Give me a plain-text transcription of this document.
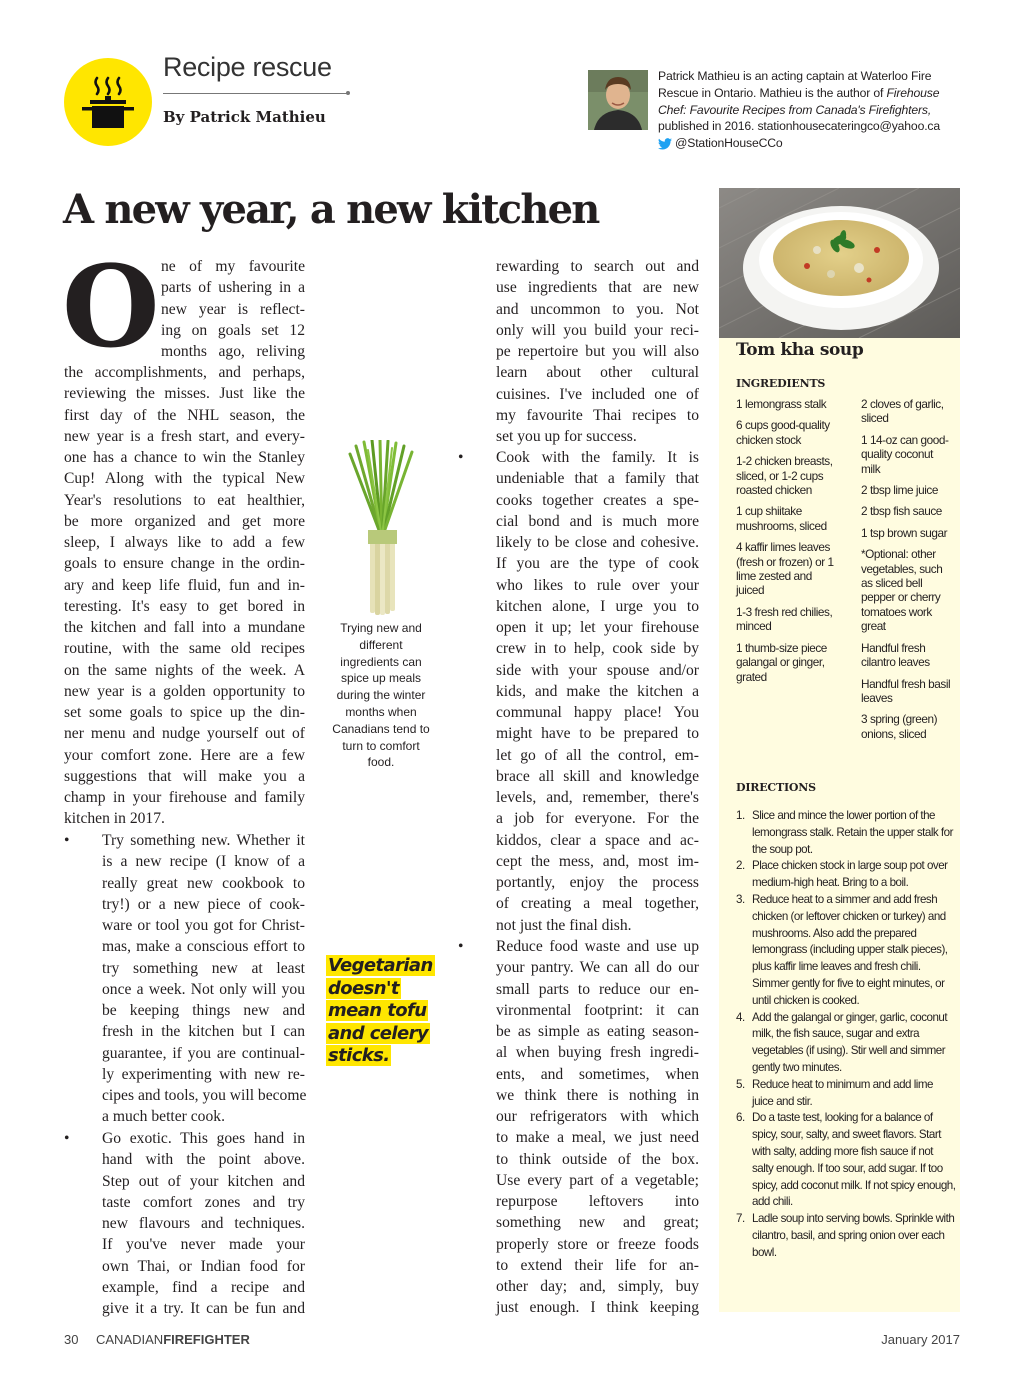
Recipe rescue
By Patrick Mathieu
Patrick Mathieu is an acting captain at Waterloo Fire
Rescue in Ontario. Mathieu is the author of Firehouse
Chef: Favourite Recipes from Canada's Firefighters,
published in 2016. stationhousecateringco@yahoo.ca
@StationHouseCCo
A new year, a new kitchen
O ne of my favourite
parts of ushering in a
new year is reflect-
ing on goals set 12
months ago, reliving
the accomplishments, and perhaps,
reviewing the misses. Just like the
first day of the NHL season, the
new year is a fresh start, and every-
one has a chance to win the Stanley
Cup! Along with the typical New
Year's resolutions to eat healthier,
be more organized and get more
sleep, I always like to add a few
goals to ensure change in the ordin-
ary and keep life fluid, fun and in-
teresting. It's easy to get bored in
the kitchen and fall into a mundane
routine, with the same old recipes
on the same nights of the week. A
new year is a golden opportunity to
set some goals to spice up the din-
ner menu and nudge yourself out of
your comfort zone. Here are a few
suggestions that will make you a
champ in your firehouse and family
kitchen in 2017.
• Try something new. Whether it
is a new recipe (I know of a
really great new cookbook to
try!) or a new piece of cook-
ware or tool you got for Christ-
mas, make a conscious effort to
try something new at least
once a week. Not only will you
be keeping things new and
fresh in the kitchen but I can
guarantee, if you are continual-
ly experimenting with new re-
cipes and tools, you will become
a much better cook.
• Go exotic. This goes hand in
hand with the point above.
Step out of your kitchen and
taste comfort zones and try
new flavours and techniques.
If you've never made your
own Thai, or Indian food for
example, find a recipe and
give it a try. It can be fun and
Trying new and different ingredients can spice up meals during the winter months when Canadians tend to turn to comfort food.
Vegetarian
doesn't
mean tofu
and celery
sticks.
rewarding to search out and
use ingredients that are new
and uncommon to you. Not
only will you build your reci-
pe repertoire but you will also
learn about other cultural
cuisines. I've included one of
my favourite Thai recipes to
set you up for success.
• Cook with the family. It is
undeniable that a family that
cooks together creates a spe-
cial bond and is much more
likely to be close and cohesive.
If you are the type of cook
who likes to rule over your
kitchen alone, I urge you to
open it up; let your firehouse
crew in to help, cook side by
side with your spouse and/or
kids, and make the kitchen a
communal happy place! You
might have to be prepared to
let go of all the control, em-
brace all skill and knowledge
levels, and, remember, there's
a job for everyone. For the
kiddos, clear a space and ac-
cept the mess, and, most im-
portantly, enjoy the process
of creating a meal together,
not just the final dish.
• Reduce food waste and use up
your pantry. We can all do our
small parts to reduce our en-
vironmental footprint: it can
be as simple as eating season-
al when buying fresh ingredi-
ents, and sometimes, when
we think there is nothing in
our refrigerators with which
to make a meal, we just need
to think outside of the box.
Use every part of a vegetable;
repurpose leftovers into
something new and great;
properly store or freeze foods
to extend their life for an-
other day; and, simply, buy
just enough. I think keeping
Tom kha soup
INGREDIENTS
1 lemongrass stalk
6 cups good-quality chicken stock
1-2 chicken breasts, sliced, or 1-2 cups roasted chicken
1 cup shiitake mushrooms, sliced
4 kaffir limes leaves (fresh or frozen) or 1 lime zested and juiced
1-3 fresh red chilies, minced
1 thumb-size piece galangal or ginger, grated
2 cloves of garlic, sliced
1 14-oz can good-quality coconut milk
2 tbsp lime juice
2 tbsp fish sauce
1 tsp brown sugar
*Optional: other vegetables, such as sliced bell pepper or cherry tomatoes work great
Handful fresh cilantro leaves
Handful fresh basil leaves
3 spring (green) onions, sliced
DIRECTIONS
1. Slice and mince the lower portion of the lemongrass stalk. Retain the upper stalk for the soup pot.
2. Place chicken stock in large soup pot over medium-high heat. Bring to a boil.
3. Reduce heat to a simmer and add fresh chicken (or leftover chicken or turkey) and mushrooms. Also add the prepared lemongrass (including upper stalk pieces), plus kaffir lime leaves and fresh chili. Simmer gently for five to eight minutes, or until chicken is cooked.
4. Add the galangal or ginger, garlic, coconut milk, the fish sauce, sugar and extra vegetables (if using). Stir well and simmer gently two minutes.
5. Reduce heat to minimum and add lime juice and stir.
6. Do a taste test, looking for a balance of spicy, sour, salty, and sweet flavors. Start with salty, adding more fish sauce if not salty enough. If too sour, add sugar. If too spicy, add coconut milk. If not spicy enough, add chili.
7. Ladle soup into serving bowls. Sprinkle with cilantro, basil, and spring onion over each bowl.
30 CANADIANFIREFIGHTER	January 2017
